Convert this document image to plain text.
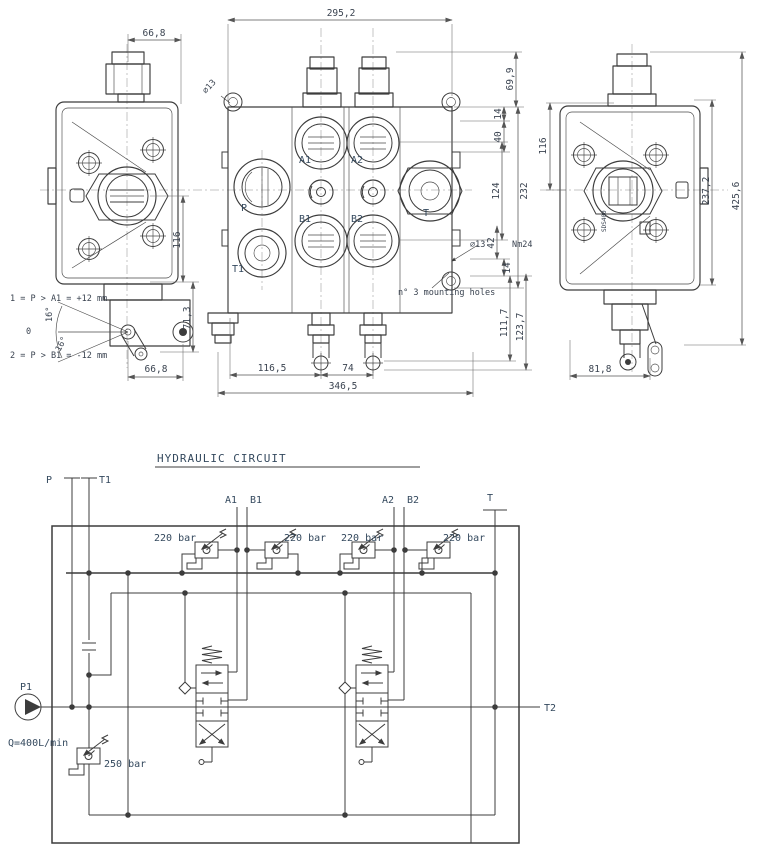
66,8
116
71,3
66,8
1 = P > A1 = +12 mm
0
2 = P > B1 = -12 mm
16°
16°
A1	A2
B1	B2
P
T1
T
295,2
69,9
14
40
124 232
42
14
111,7 123,7
116,5	74
346,5
⌀13
⌀13	Nm24
n° 3 mounting holes
SDS400
116
237,2 425,6
81,8
HYDRAULIC CIRCUIT
P	T1
A1 B1	A2 B2	T
220 bar	220 bar 220 bar	220 bar
P1
Q=400L/min
250 bar
T2
